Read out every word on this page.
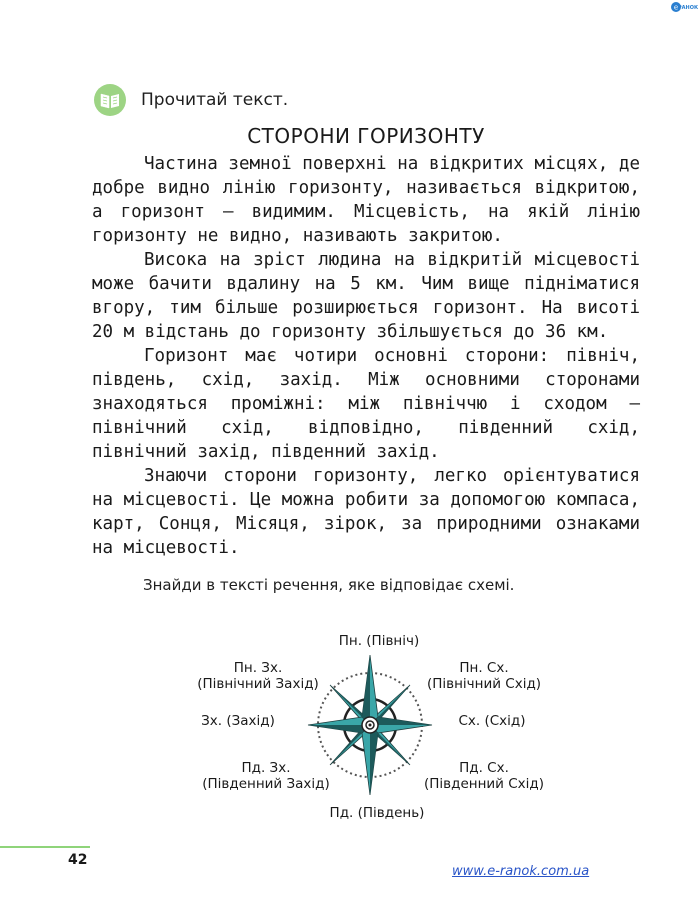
e РАНОК
Прочитай текст.
СТОРОНИ ГОРИЗОНТУ

Частина земної поверхні на відкритих місцях, де добре видно лінію горизонту, називається відкритою, а горизонт — видимим. Місцевість, на якій лінію горизонту не видно, називають закритою.

Висока на зріст людина на відкритій місцевості може бачити вдалину на 5 км. Чим вище підніматися вгору, тим більше розширюється горизонт. На висоті 20 м відстань до горизонту збільшується до 36 км.

Горизонт має чотири основні сторони: північ, південь, схід, захід. Між основними сторонами знаходяться проміжні: між північчю і сходом — північний схід, відповідно, південний схід, північний захід, південний захід.

Знаючи сторони горизонту, легко орієнтуватися на місцевості. Це можна робити за допомогою компаса, карт, Сонця, Місяця, зірок, за природними ознаками на місцевості.

Знайди в тексті речення, яке відповідає схемі.
Пн. (Північ)
Пн. Зх.
(Північний Захід)
Пн. Сх.
(Північний Схід)
Зх. (Захід)	Сх. (Схід)
Пд. Зх.
(Південний Захід)
Пд. Сх.
(Південний Схід)
Пд. (Південь)
42
www.e-ranok.com.ua
